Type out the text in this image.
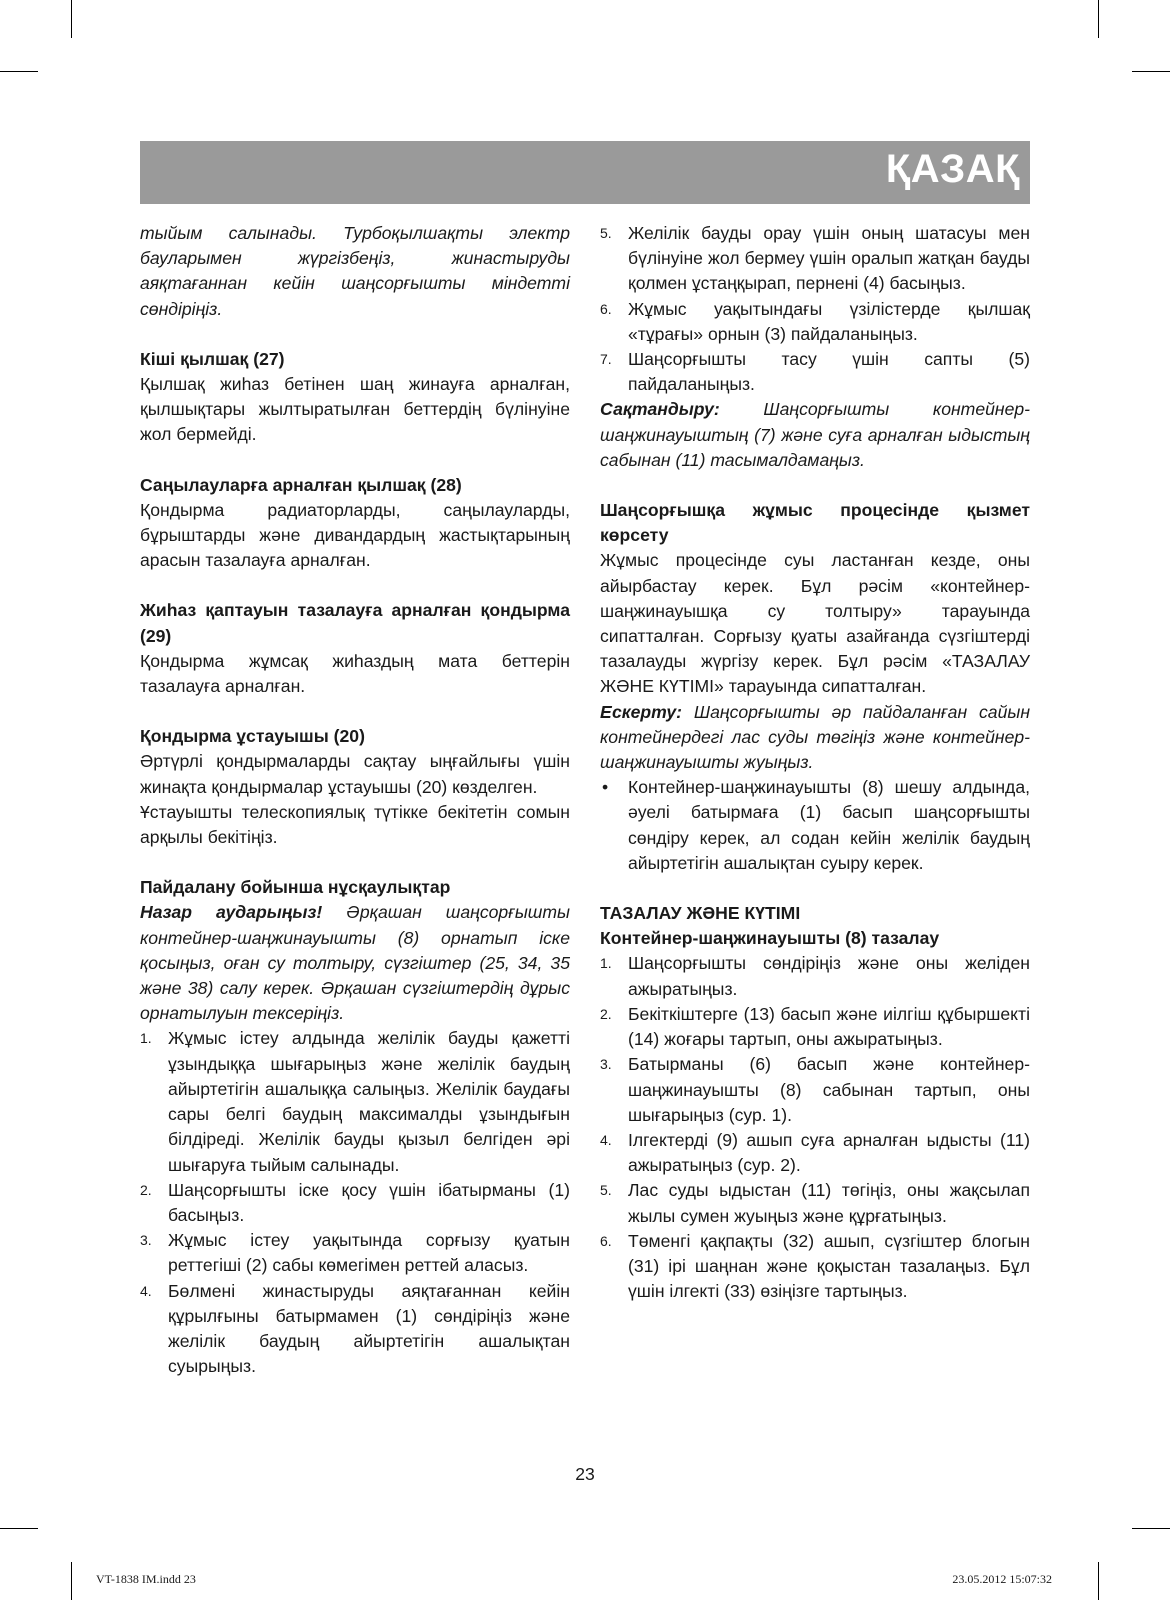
ҚАЗАҚ

тыйым салынады. Турбоқылшақты электр бауларымен жүргізбеңіз, жинастыруды аяқтағаннан кейін шаңсорғышты міндетті сөндіріңіз.

Кіші қылшақ (27)

Қылшақ жиһаз бетінен шаң жинауға арналған, қылшықтары жылтыратылған беттердің бүлінуіне жол бермейді.

Саңылауларға арналған қылшақ (28)

Қондырма радиаторларды, саңылауларды, бұрыштарды және дивандардың жастықтарының арасын тазалауға арналған.

Жиһаз қаптауын тазалауға арналған қондырма (29)

Қондырма жұмсақ жиһаздың мата беттерін тазалауға арналған.

Қондырма ұстауышы (20)

Әртүрлі қондырмаларды сақтау ыңғайлығы үшін жинақта қондырмалар ұстауышы (20) көзделген.

Ұстауышты телескопиялық түтікке бекітетін сомын арқылы бекітіңіз.

Пайдалану бойынша нұсқаулықтар

Назар аударыңыз! Әрқашан шаңсорғышты контейнер-шаңжинауышты (8) орнатып іске қосыңыз, оған су толтыру, сүзгіштер (25, 34, 35 және 38) салу керек. Әрқашан сүзгіштердің дұрыс орнатылуын тексеріңіз.

1. Жұмыс істеу алдында желілік бауды қажетті ұзындыққа шығарыңыз және желілік баудың айыртетігін ашалыққа салыңыз. Желілік баудағы сары белгі баудың максималды ұзындығын білдіреді. Желілік бауды қызыл белгіден әрі шығаруға тыйым салынады.
2. Шаңсорғышты іске қосу үшін ібатырманы (1) басыңыз.
3. Жұмыс істеу уақытында сорғызу қуатын реттегіші (2) сабы көмегімен реттей аласыз.
4. Бөлмені жинастыруды аяқтағаннан кейін құрылғыны батырмамен (1) сөндіріңіз және желілік баудың айыртетігін ашалықтан суырыңыз.
5. Желілік бауды орау үшін оның шатасуы мен бүлінуіне жол бермеу үшін оралып жатқан бауды қолмен ұстаңқырап, пернені (4) басыңыз.
6. Жұмыс уақытындағы үзілістерде қылшақ «тұрағы» орнын (3) пайдаланыңыз.
7. Шаңсорғышты тасу үшін сапты (5) пайдаланыңыз.

Сақтандыру: Шаңсорғышты контейнер-шаңжинауыштың (7) және суға арналған ыдыстың сабынан (11) тасымалдамаңыз.

Шаңсорғышқа жұмыс процесінде қызмет көрсету

Жұмыс процесінде суы ластанған кезде, оны айырбастау керек. Бұл рәсім «контейнер-шаңжинауышқа су толтыру» тарауында сипатталған. Сорғызу қуаты азайғанда сүзгіштерді тазалауды жүргізу керек. Бұл рәсім «ТАЗАЛАУ ЖӘНЕ КҮТІМІ» тарауында сипатталған.

Ескерту: Шаңсорғышты әр пайдаланған сайын контейнердегі лас суды төгіңіз және контейнер-шаңжинауышты жуыңыз.

• Контейнер-шаңжинауышты (8) шешу алдында, әуелі батырмаға (1) басып шаңсорғышты сөндіру керек, ал содан кейін желілік баудың айыртетігін ашалықтан суыру керек.

ТАЗАЛАУ ЖӘНЕ КҮТІМІ

Контейнер-шаңжинауышты (8) тазалау

1. Шаңсорғышты сөндіріңіз және оны желіден ажыратыңыз.
2. Бекіткіштерге (13) басып және иілгіш құбыршекті (14) жоғары тартып, оны ажыратыңыз.
3. Батырманы (6) басып және контейнер-шаңжинауышты (8) сабынан тартып, оны шығарыңыз (сур. 1).
4. Ілгектерді (9) ашып суға арналған ыдысты (11) ажыратыңыз (сур. 2).
5. Лас суды ыдыстан (11) төгіңіз, оны жақсылап жылы сумен жуыңыз және құрғатыңыз.
6. Төменгі қақпақты (32) ашып, сүзгіштер блогын (31) ірі шаңнан және қоқыстан тазалаңыз. Бұл үшін ілгекті (33) өзіңізге тартыңыз.
23
VT-1838 IM.indd 23	23.05.2012 15:07:32
